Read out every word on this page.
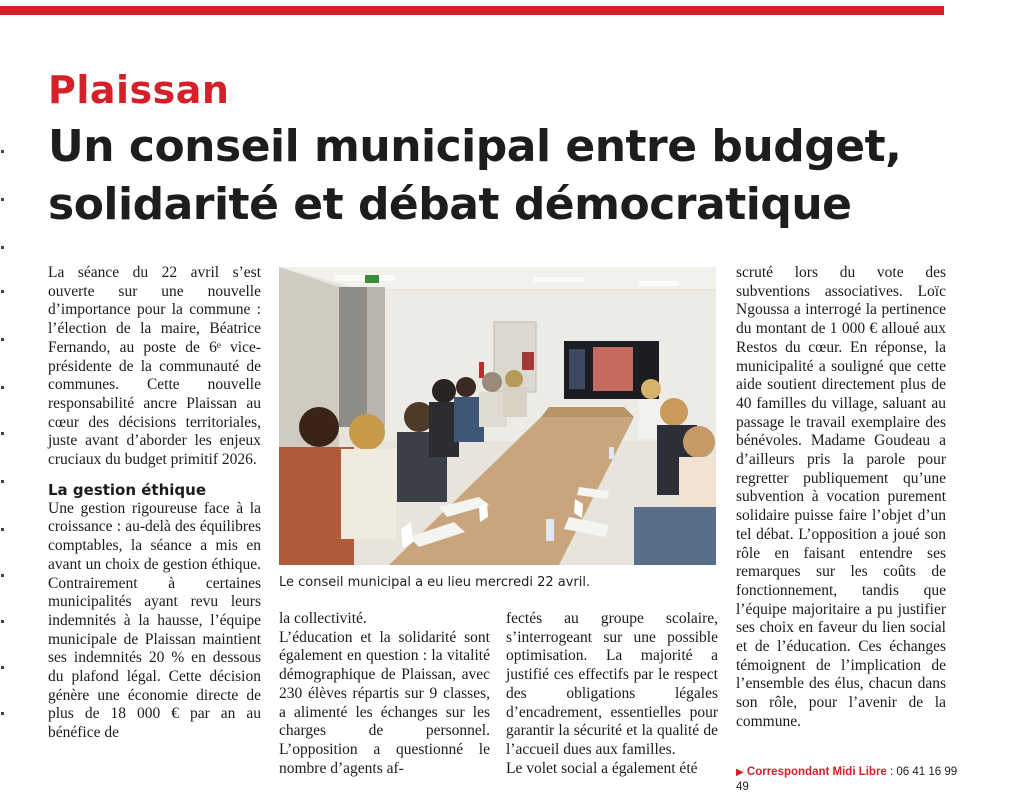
Plaissan
Un conseil municipal entre budget, solidarité et débat démocratique

La séance du 22 avril s’est ouverte sur une nouvelle d’importance pour la commune : l’élection de la maire, Béatrice Fernando, au poste de 6ᵉ vice-présidente de la communauté de communes. Cette nouvelle responsabilité ancre Plaissan au cœur des décisions territoriales, juste avant d’aborder les enjeux cruciaux du budget primitif 2026.

La gestion éthique

Une gestion rigoureuse face à la croissance : au-delà des équilibres comptables, la séance a mis en avant un choix de gestion éthique. Contrairement à certaines municipalités ayant revu leurs indemnités à la hausse, l’équipe municipale de Plaissan maintient ses indemnités 20 % en dessous du plafond légal. Cette décision génère une économie directe de plus de 18 000 € par an au bénéfice de

Le conseil municipal a eu lieu mercredi 22 avril.

la collectivité.

L’éducation et la solidarité sont également en question : la vitalité démographique de Plaissan, avec 230 élèves répartis sur 9 classes, a alimenté les échanges sur les charges de personnel. L’opposition a questionné le nombre d’agents af-

fectés au groupe scolaire, s’interrogeant sur une possible optimisation. La majorité a justifié ces effectifs par le respect des obligations légales d’encadrement, essentielles pour garantir la sécurité et la qualité de l’accueil dues aux familles.

Le volet social a également été

scruté lors du vote des subventions associatives. Loïc Ngoussa a interrogé la pertinence du montant de 1 000 € alloué aux Restos du cœur. En réponse, la municipalité a souligné que cette aide soutient directement plus de 40 familles du village, saluant au passage le travail exemplaire des bénévoles. Madame Goudeau a d’ailleurs pris la parole pour regretter publiquement qu’une subvention à vocation purement solidaire puisse faire l’objet d’un tel débat. L’opposition a joué son rôle en faisant entendre ses remarques sur les coûts de fonctionnement, tandis que l’équipe majoritaire a pu justifier ses choix en faveur du lien social et de l’éducation. Ces échanges témoignent de l’implication de l’ensemble des élus, chacun dans son rôle, pour l’avenir de la commune.

▶ Correspondant Midi Libre : 06 41 16 99 49
